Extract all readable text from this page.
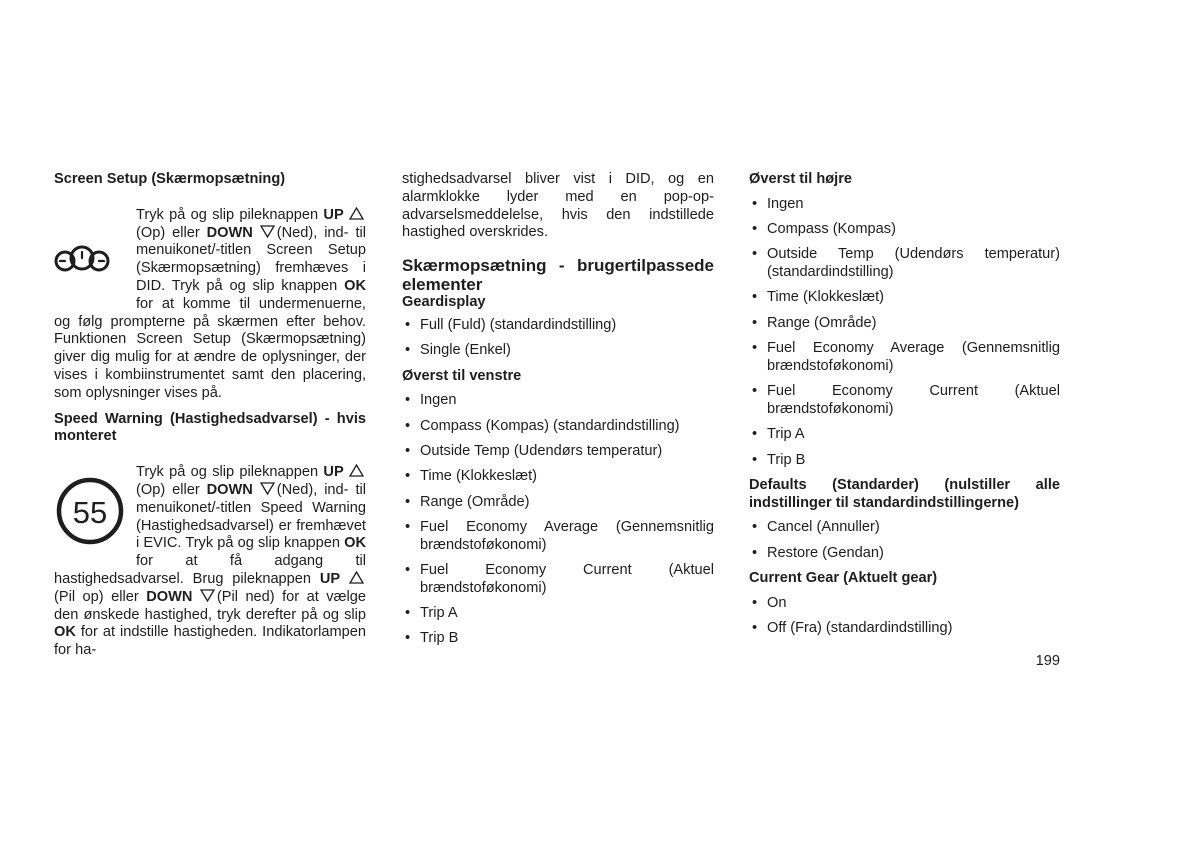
Screen Setup (Skærmopsætning)

Tryk på og slip pileknappen UP (Op) eller DOWN (Ned), ind- til menuikonet/-titlen Screen Setup (Skærmopsætning) fremhæves i DID. Tryk på og slip knappen OK for at komme til undermenuerne, og følg prompterne på skærmen efter behov. Funktionen Screen Setup (Skærmopsætning) giver dig mulig for at ændre de oplysninger, der vises i kombiinstrumentet samt den placering, som oplysninger vises på.

Speed Warning (Hastighedsadvarsel) - hvis monteret

55

Tryk på og slip pileknappen UP (Op) eller DOWN (Ned), ind- til menuikonet/-titlen Speed Warning (Hastighedsadvarsel) er fremhævet i EVIC. Tryk på og slip knappen OK for at få adgang til hastighedsadvarsel. Brug pileknappen UP (Pil op) eller DOWN (Pil ned) for at vælge den ønskede hastighed, tryk derefter på og slip OK for at indstille hastigheden. Indikatorlampen for ha-

stighedsadvarsel bliver vist i DID, og en alarmklokke lyder med en pop-op-advarselsmeddelelse, hvis den indstillede hastighed overskrides.

Skærmopsætning - brugertilpassede elementer

Geardisplay

• Full (Fuld) (standardindstilling)
• Single (Enkel)

Øverst til venstre

• Ingen
• Compass (Kompas) (standardindstilling)
• Outside Temp (Udendørs temperatur)
• Time (Klokkeslæt)
• Range (Område)
• Fuel Economy Average (Gennemsnitlig brændstoføkonomi)
• Fuel Economy Current (Aktuel brændstoføkonomi)
• Trip A
• Trip B

Øverst til højre

• Ingen
• Compass (Kompas)
• Outside Temp (Udendørs temperatur) (standardindstilling)
• Time (Klokkeslæt)
• Range (Område)
• Fuel Economy Average (Gennemsnitlig brændstoføkonomi)
• Fuel Economy Current (Aktuel brændstoføkonomi)
• Trip A
• Trip B

Defaults (Standarder) (nulstiller alle indstillinger til standardindstillingerne)

• Cancel (Annuller)
• Restore (Gendan)

Current Gear (Aktuelt gear)

• On
• Off (Fra) (standardindstilling)
199
